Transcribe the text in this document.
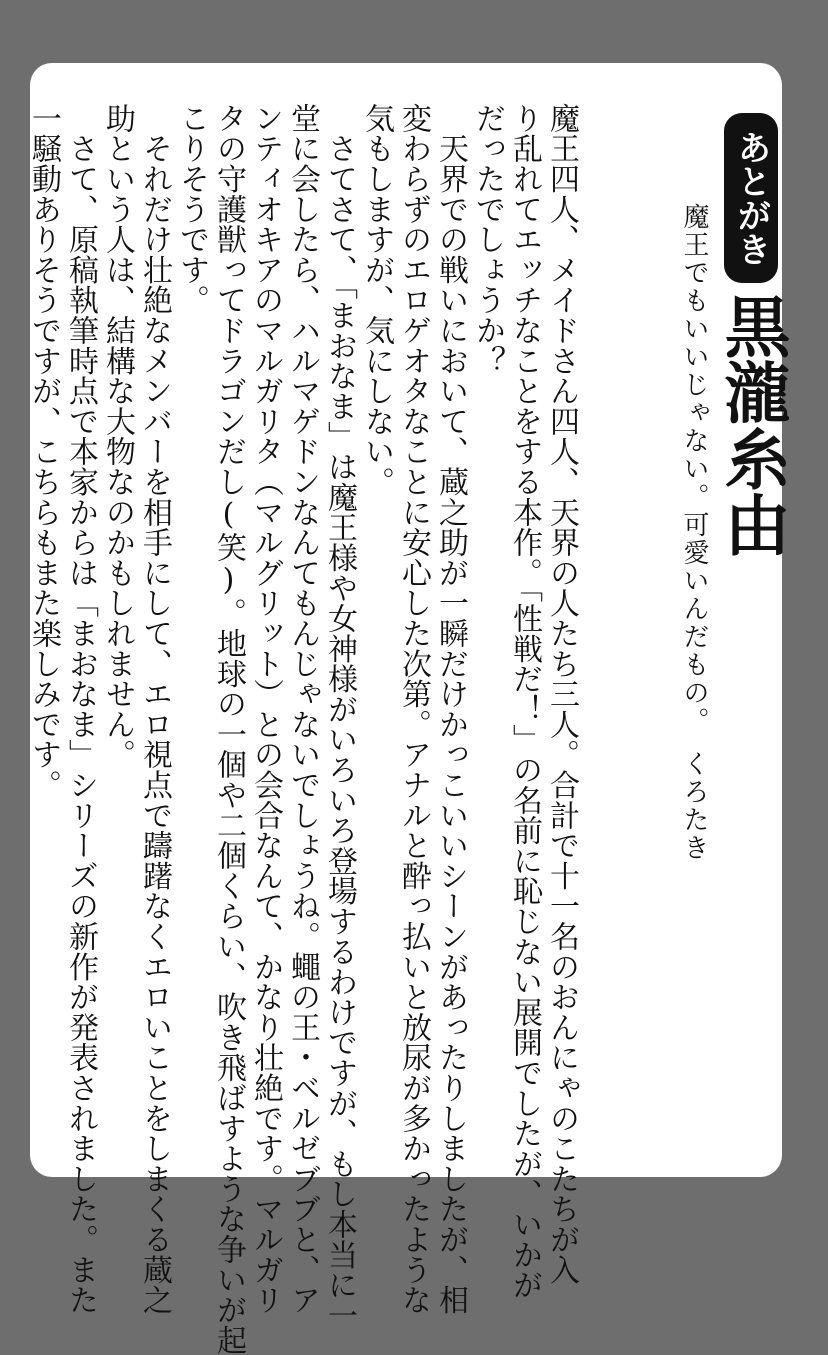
あとがき
黒瀧糸由
魔王でもいいじゃない。可愛いんだもの。
くろたき
魔王四人、メイドさん四人、天界の人たち三人。合計で十一名のおんにゃのこたちが入
り乱れてエッチなことをする本作。「性戦だ！」の名前に恥じない展開でしたが、いかが
だったでしょうか？
　天界での戦いにおいて、蔵之助が一瞬だけかっこいいシーンがあったりしましたが、相
変わらずのエロゲオタなことに安心した次第。アナルと酔っ払いと放尿が多かったような
気もしますが、気にしない。
　さてさて、「まおなま」は魔王様や女神様がいろいろ登場するわけですが、もし本当に一
堂に会したら、ハルマゲドンなんてもんじゃないでしょうね。蠅の王・ベルゼブブと、ア
ンティオキアのマルガリタ（マルグリット）との会合なんて、かなり壮絶です。マルガリ
タの守護獣ってドラゴンだし(笑)。地球の一個や二個くらい、吹き飛ばすような争いが起
こりそうです。
　それだけ壮絶なメンバーを相手にして、エロ視点で躊躇なくエロいことをしまくる蔵之
助という人は、結構な大物なのかもしれません。
　さて、原稿執筆時点で本家からは「まおなま」シリーズの新作が発表されました。また
一騒動ありそうですが、こちらもまた楽しみです。
